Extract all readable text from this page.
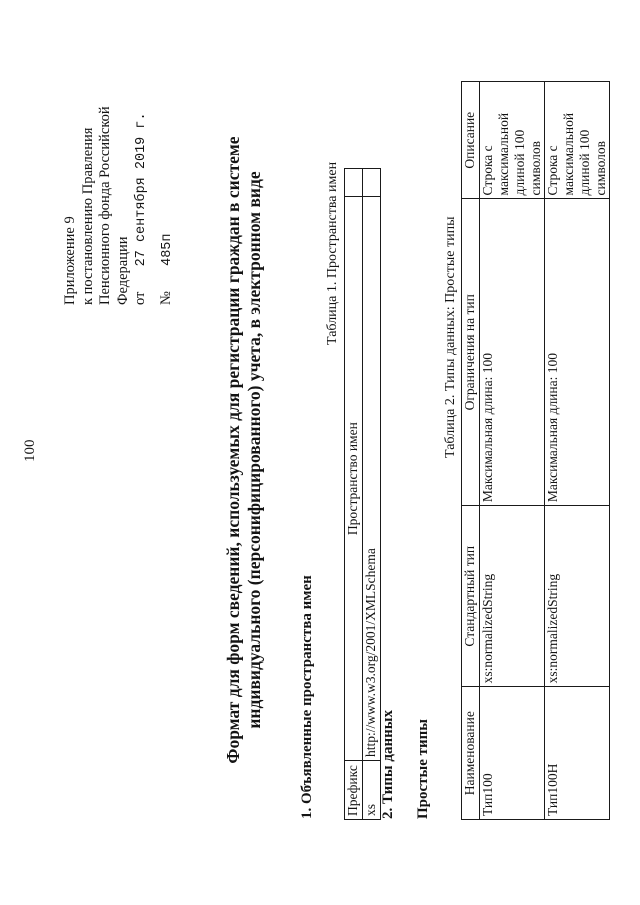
100
Приложение 9 к постановлению Правления Пенсионного фонда Российской Федерации от  27 сентября 2019 г.
№  485п	Формат для форм сведений, используемых для регистрации граждан в системе индивидуального (персонифицированного) учета, в электронном виде 1. Объявленные пространства имен
Таблица 1. Пространства имен
Префикс	Пространство имен	
xs	http://www.w3.org/2001/XMLSchema	
2. Типы данных Простые типы
Таблица 2. Типы данных: Простые типы
Наименование	Стандартный тип	Ограничения на тип	Описание
Тип100	xs:normalizedString	Максимальная длина: 100	Строка с максимальной длиной 100 символов
Тип100Н	xs:normalizedString	Максимальная длина: 100	Строка с максимальной длиной 100 символов
